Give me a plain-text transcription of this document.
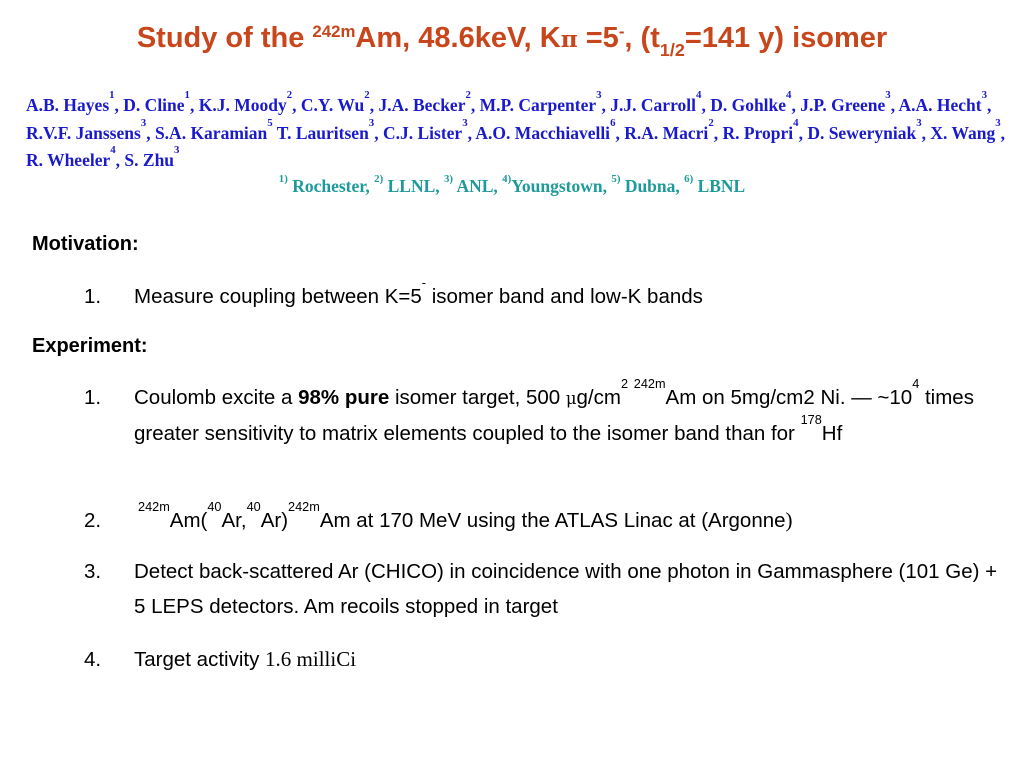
Study of the $^{242m}$Am, 48.6keV, Kπ =5-, ($t_{1/2}=141$ y) isomer
A.B. Hayes$^1$, D. Cline$^1$, K.J. Moody$^2$, C.Y. Wu$^2$, J.A. Becker$^2$, M.P. Carpenter$^3$, J.J. Carroll$^4$, D. Gohlke$^4$, J.P. Greene$^3$, A.A. Hecht$^3$, R.V.F. Janssens$^3$, S.A. Karamian$^5$ T. Lauritsen$^3$, C.J. Lister$^3$, A.O. Macchiavelli$^6$, R.A. Macri$^2$, R. Propri$^4$, D. Seweryniak$^3$, X. Wang$^3$, R. Wheeler$^4$, S. Zhu$^3$
$^{1)}$ Rochester, $^{2)}$ LLNL, $^{3)}$ ANL, $^{4)}$Youngstown, $^{5)}$ Dubna, $^{6)}$ LBNL
Motivation:
1. Measure coupling between K=5- isomer band and low-K bands
Experiment:
1. Coulomb excite a 98% pure isomer target, 500 $\mu g/cm^2$ $^{242m}$Am on 5mg/cm2 Ni. — $\sim 10^4$ times greater sensitivity to matrix elements coupled to the isomer band than for $^{178}$Hf
2.
$^{242m}Am(^{40}Ar,^{40}Ar)^{242m}Am$ at 170 MeV using the ATLAS Linac at (Argonne)
3. Detect back-scattered Ar (CHICO) in coincidence with one photon in Gammasphere (101 Ge) + 5 LEPS detectors. Am recoils stopped in target
4. Target activity 1.6 milliCi
